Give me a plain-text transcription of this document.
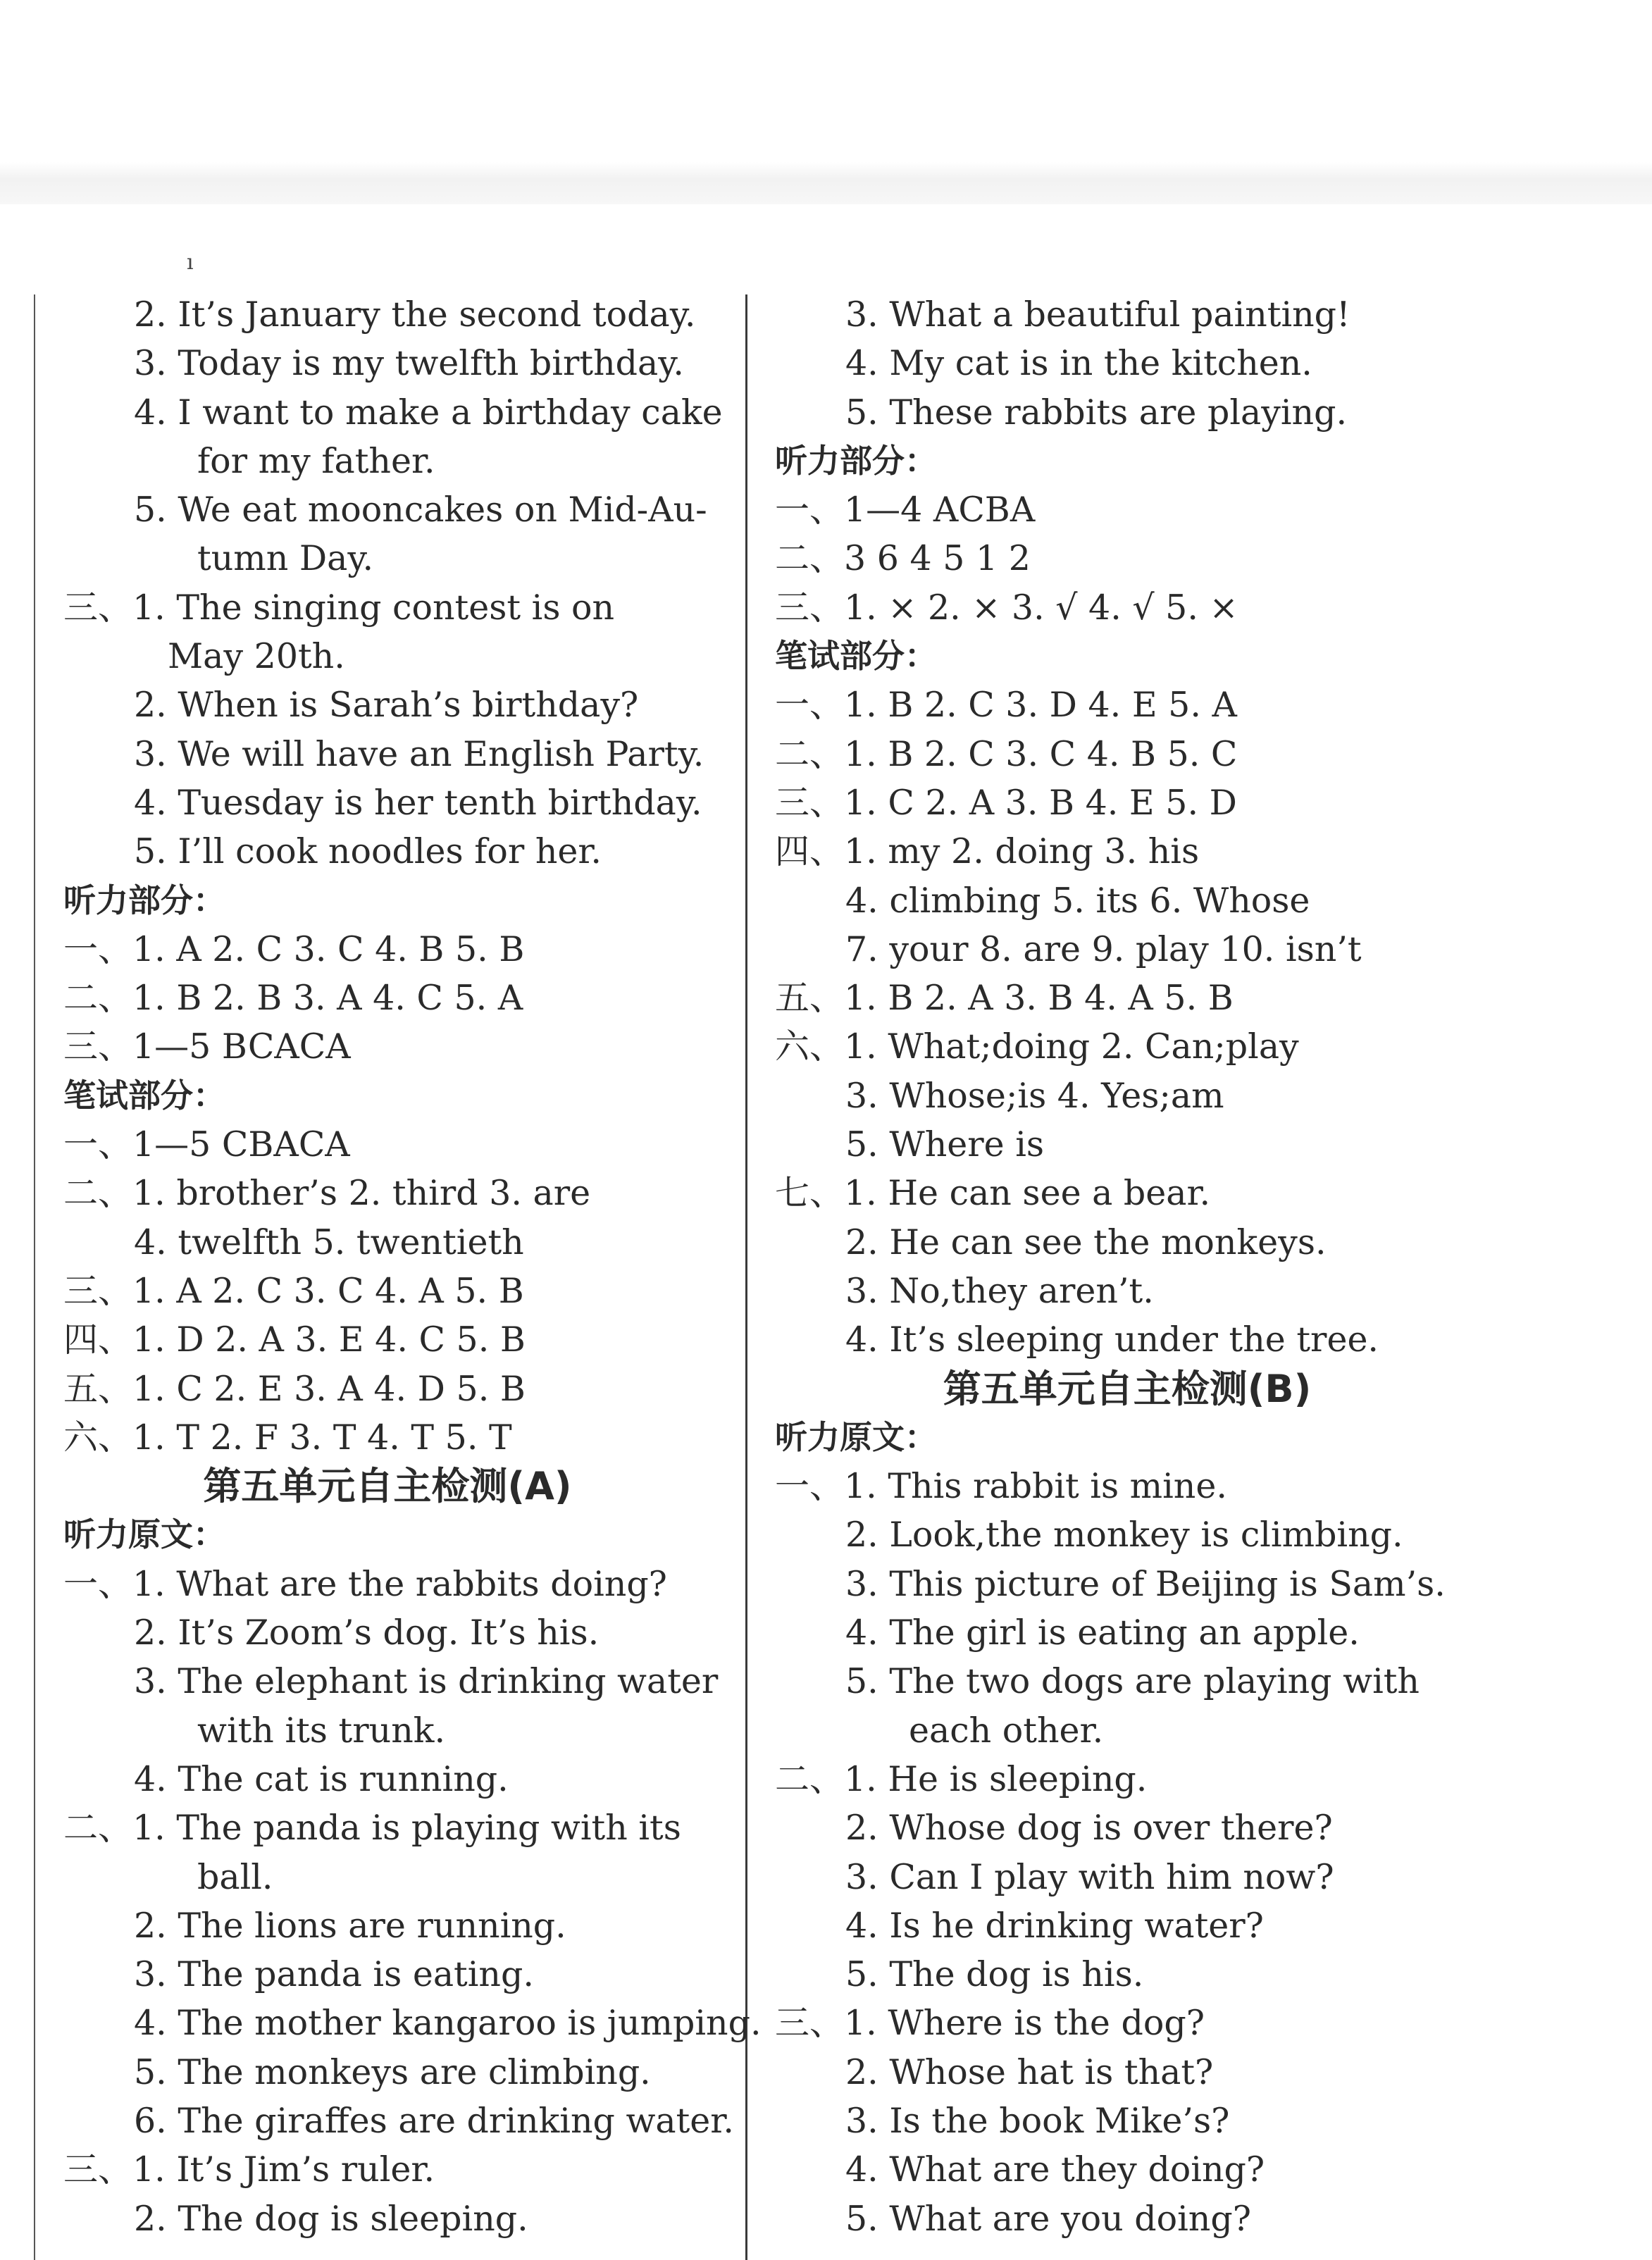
ı
2. It’s January the second today.
3. Today is my twelfth birthday.
4. I want to make a birthday cake
for my father.
5. We eat mooncakes on Mid-Au-
tumn Day.
三、1. The singing contest is on
May 20th.
2. When is Sarah’s birthday?
3. We will have an English Party.
4. Tuesday is her tenth birthday.
5. I’ll cook noodles for her.
听力部分：
一、1. A 2. C 3. C 4. B 5. B
二、1. B 2. B 3. A 4. C 5. A
三、1—5 BCACA
笔试部分：
一、1—5 CBACA
二、1. brother’s 2. third 3. are
4. twelfth 5. twentieth
三、1. A 2. C 3. C 4. A 5. B
四、1. D 2. A 3. E 4. C 5. B
五、1. C 2. E 3. A 4. D 5. B
六、1. T 2. F 3. T 4. T 5. T
第五单元自主检测(A)
听力原文：
一、1. What are the rabbits doing?
2. It’s Zoom’s dog. It’s his.
3. The elephant is drinking water
with its trunk.
4. The cat is running.
二、1. The panda is playing with its
ball.
2. The lions are running.
3. The panda is eating.
4. The mother kangaroo is jumping.
5. The monkeys are climbing.
6. The giraffes are drinking water.
三、1. It’s Jim’s ruler.
2. The dog is sleeping.
3. What a beautiful painting!
4. My cat is in the kitchen.
5. These rabbits are playing.
听力部分：
一、1—4 ACBA
二、3 6 4 5 1 2
三、1. × 2. × 3. √ 4. √ 5. ×
笔试部分：
一、1. B 2. C 3. D 4. E 5. A
二、1. B 2. C 3. C 4. B 5. C
三、1. C 2. A 3. B 4. E 5. D
四、1. my 2. doing 3. his
4. climbing 5. its 6. Whose
7. your 8. are 9. play 10. isn’t
五、1. B 2. A 3. B 4. A 5. B
六、1. What;doing 2. Can;play
3. Whose;is 4. Yes;am
5. Where is
七、1. He can see a bear.
2. He can see the monkeys.
3. No,they aren’t.
4. It’s sleeping under the tree.
第五单元自主检测(B)
听力原文：
一、1. This rabbit is mine.
2. Look,the monkey is climbing.
3. This picture of Beijing is Sam’s.
4. The girl is eating an apple.
5. The two dogs are playing with
each other.
二、1. He is sleeping.
2. Whose dog is over there?
3. Can I play with him now?
4. Is he drinking water?
5. The dog is his.
三、1. Where is the dog?
2. Whose hat is that?
3. Is the book Mike’s?
4. What are they doing?
5. What are you doing?
